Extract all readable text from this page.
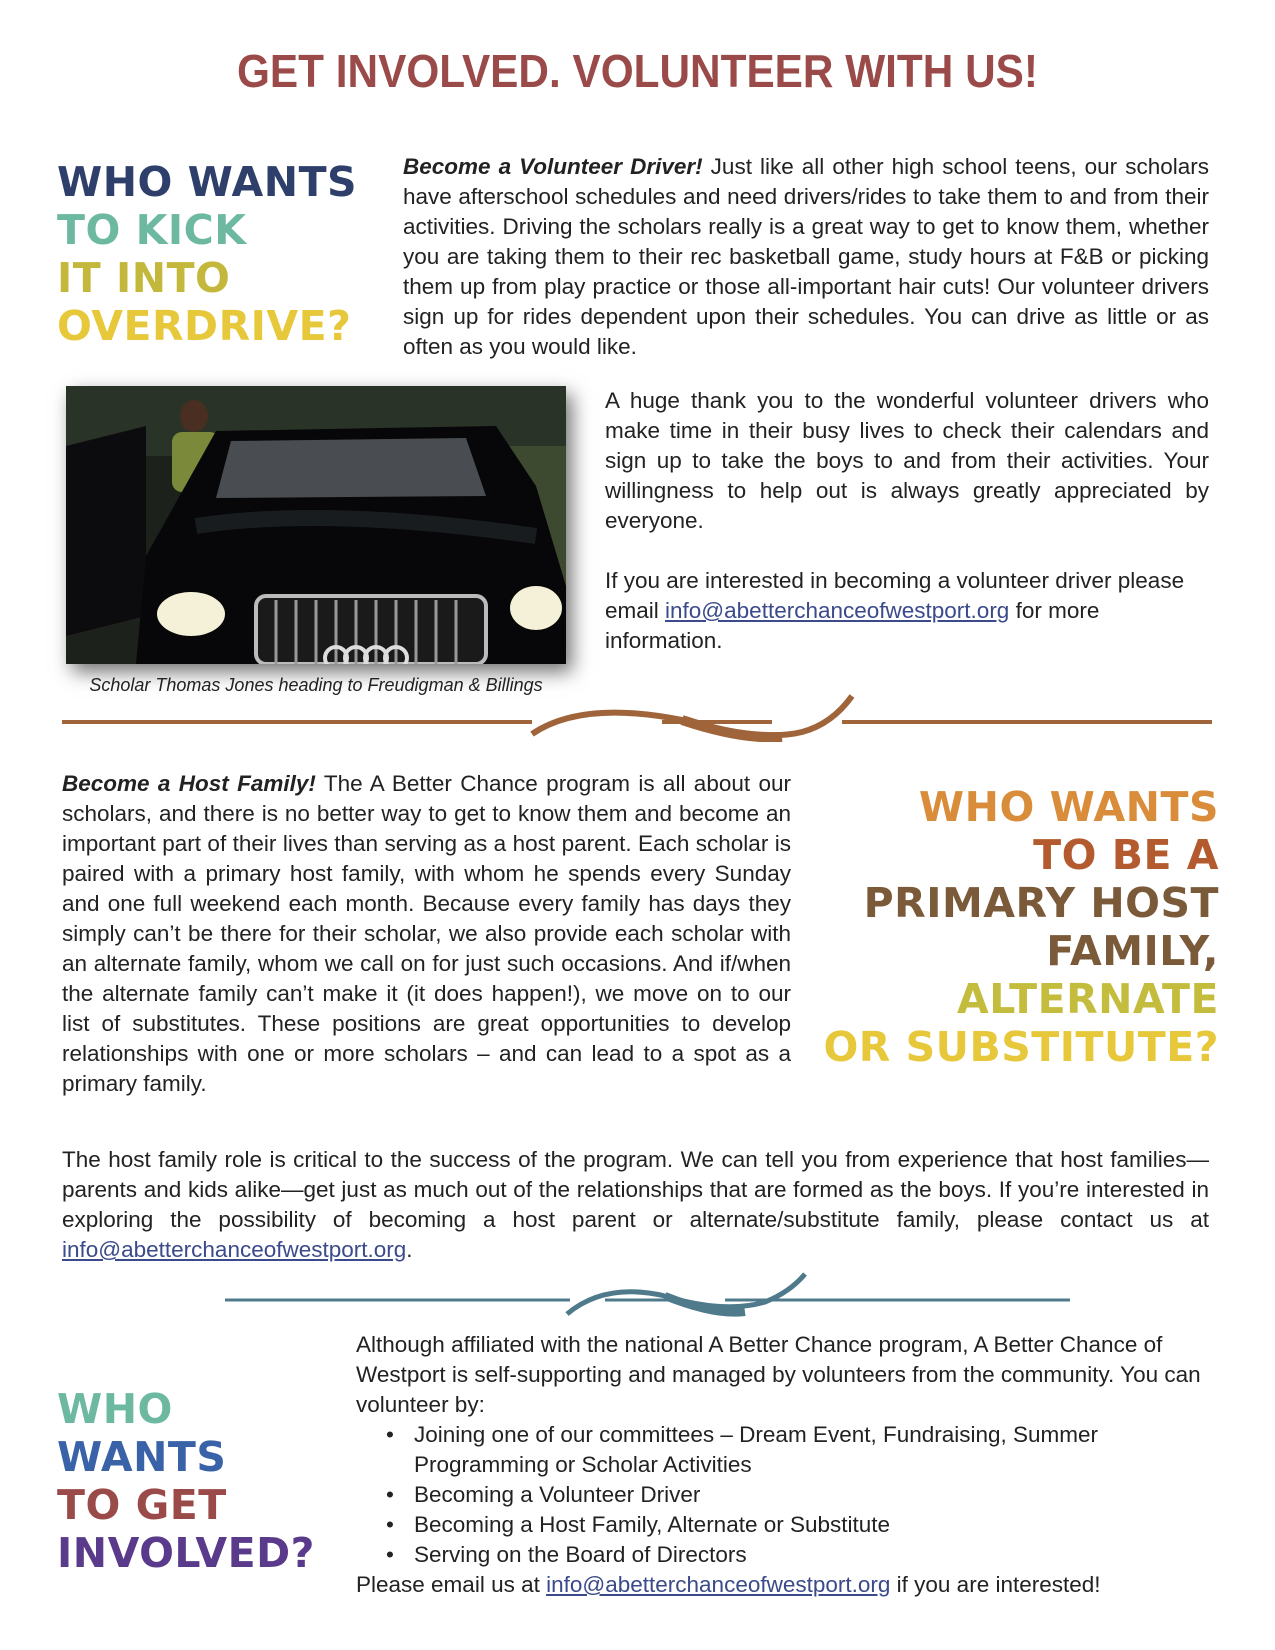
GET INVOLVED. VOLUNTEER WITH US!
WHO WANTS
TO KICK
IT INTO
OVERDRIVE?

Become a Volunteer Driver! Just like all other high school teens, our scholars have afterschool schedules and need drivers/rides to take them to and from their activities. Driving the scholars really is a great way to get to know them, whether you are taking them to their rec basketball game, study hours at F&B or picking them up from play practice or those all-important hair cuts! Our volunteer drivers sign up for rides dependent upon their schedules. You can drive as little or as often as you would like.

Scholar Thomas Jones heading to Freudigman & Billings

A huge thank you to the wonderful volunteer drivers who make time in their busy lives to check their calendars and sign up to take the boys to and from their activities. Your willingness to help out is always greatly appreciated by everyone.

If you are interested in becoming a volunteer driver please email info@abetterchanceofwestport.org for more information.

Become a Host Family! The A Better Chance program is all about our scholars, and there is no better way to get to know them and become an important part of their lives than serving as a host parent. Each scholar is paired with a primary host family, with whom he spends every Sunday and one full weekend each month. Because every family has days they simply can’t be there for their scholar, we also provide each scholar with an alternate family, whom we call on for just such occasions. And if/when the alternate family can’t make it (it does happen!), we move on to our list of substitutes. These positions are great opportunities to develop relationships with one or more scholars – and can lead to a spot as a primary family.

WHO WANTS
TO BE A
PRIMARY HOST
FAMILY,
ALTERNATE
OR SUBSTITUTE?

The host family role is critical to the success of the program. We can tell you from experience that host families—parents and kids alike—get just as much out of the relationships that are formed as the boys. If you’re interested in exploring the possibility of becoming a host parent or alternate/substitute family, please contact us at info@abetterchanceofwestport.org.

WHO
WANTS
TO GET
INVOLVED?

Although affiliated with the national A Better Chance program, A Better Chance of Westport is self-supporting and managed by volunteers from the community. You can volunteer by:

• Joining one of our committees – Dream Event, Fundraising, Summer Programming or Scholar Activities
• Becoming a Volunteer Driver
• Becoming a Host Family, Alternate or Substitute
• Serving on the Board of Directors

Please email us at info@abetterchanceofwestport.org if you are interested!
